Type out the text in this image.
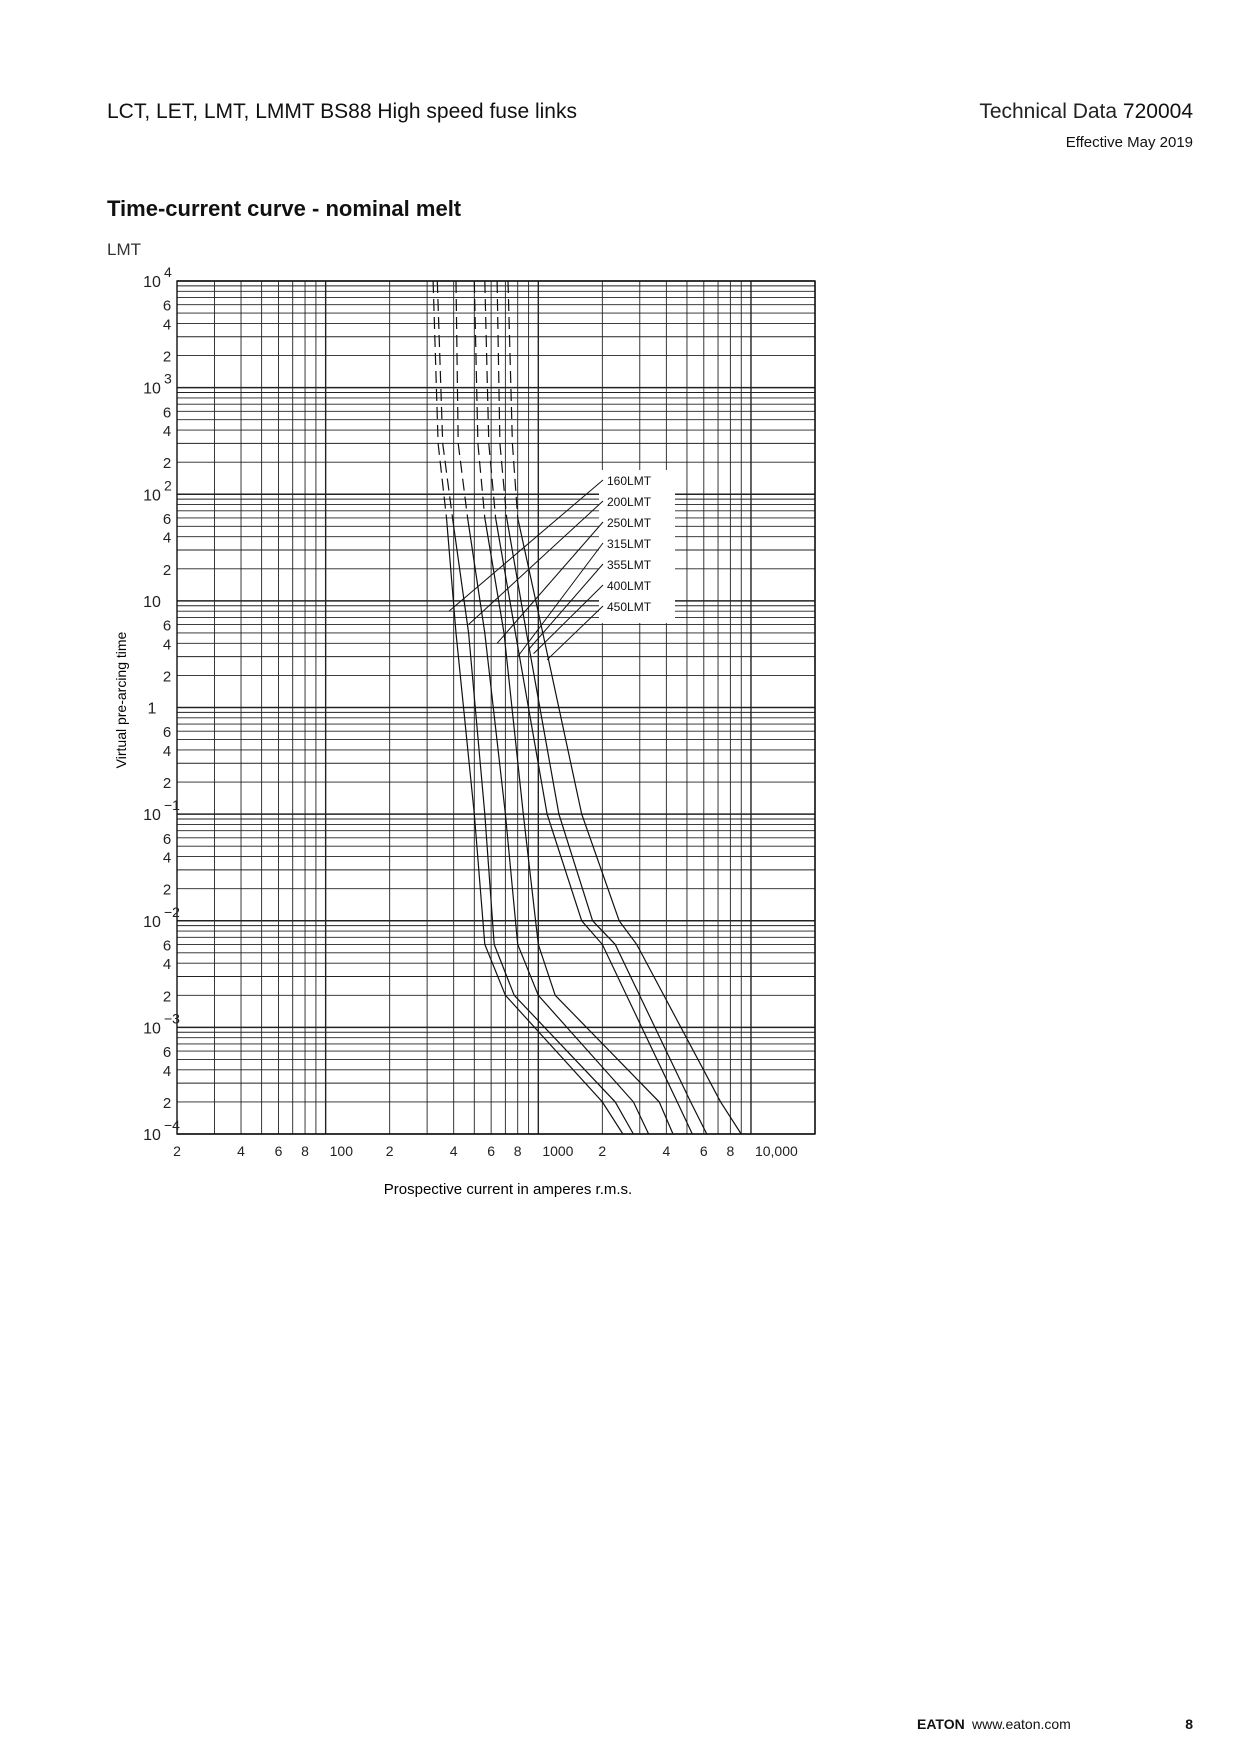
LCT, LET, LMT, LMMT BS88 High speed fuse links	Technical Data 720004
Effective May 2019
Time-current curve - nominal melt
LMT
160LMT
200LMT
250LMT
315LMT
355LMT
400LMT
450LMT
10
4
10
3
10
2
10
1
10
−1
10
−2
10
−3
10
−4
6
4
2
6
4
2
6
4
2
6
4
2
6
4
2
6
4
2
6
4
2
6
4
2
2	4 6 8 100 2	4 6 8 1000 2	4 6 8 10,000
Virtual pre-arcing time
Prospective current in amperes r.m.s.
EATON www.eaton.com	8
